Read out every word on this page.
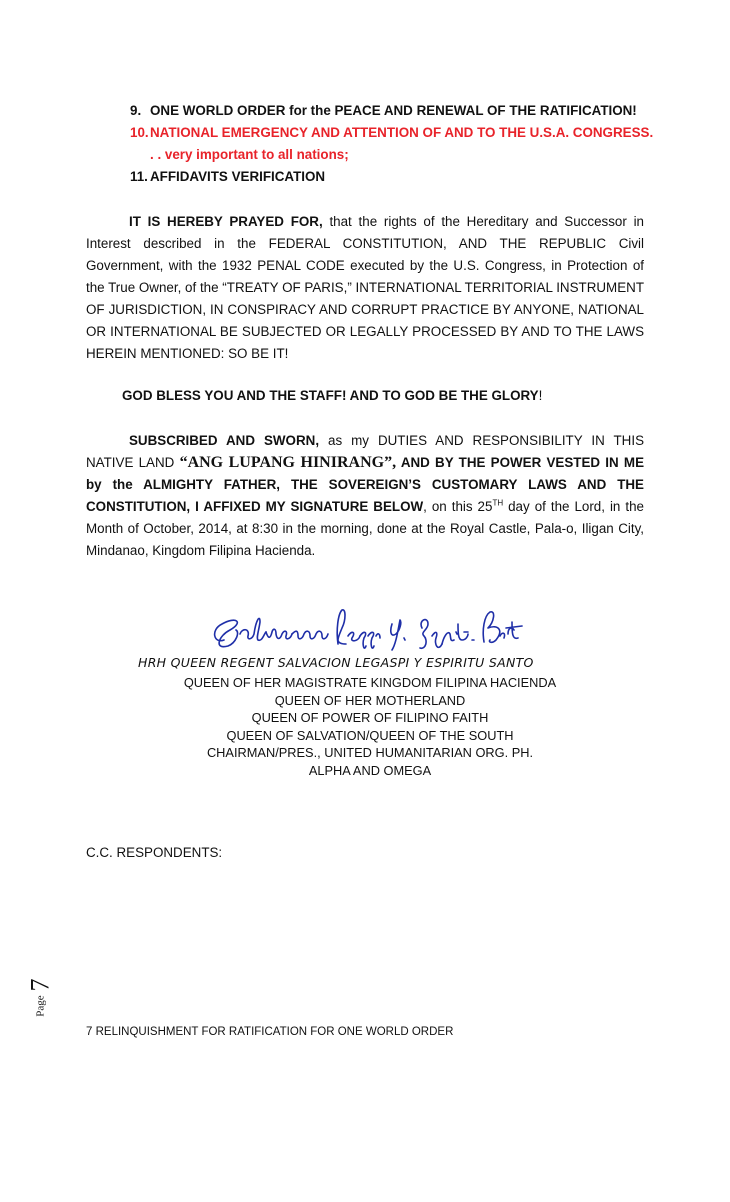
9. ONE WORLD ORDER for the PEACE AND RENEWAL OF THE RATIFICATION!
10.NATIONAL EMERGENCY AND ATTENTION OF AND TO THE U.S.A. CONGRESS.
. . very important to all nations;
11. AFFIDAVITS VERIFICATION
IT IS HEREBY PRAYED FOR, that the rights of the Hereditary and Successor in Interest described in the FEDERAL CONSTITUTION, AND THE REPUBLIC Civil Government, with the 1932 PENAL CODE executed by the U.S. Congress, in Protection of the True Owner, of the “TREATY OF PARIS,” INTERNATIONAL TERRITORIAL INSTRUMENT OF JURISDICTION, IN CONSPIRACY AND CORRUPT PRACTICE BY ANYONE, NATIONAL OR INTERNATIONAL BE SUBJECTED OR LEGALLY PROCESSED BY AND TO THE LAWS HEREIN MENTIONED: SO BE IT!
GOD BLESS YOU AND THE STAFF! AND TO GOD BE THE GLORY!
SUBSCRIBED AND SWORN, as my DUTIES AND RESPONSIBILITY IN THIS NATIVE LAND “ANG LUPANG HINIRANG”, AND BY THE POWER VESTED IN ME by the ALMIGHTY FATHER, THE SOVEREIGN’S CUSTOMARY LAWS AND THE CONSTITUTION, I AFFIXED MY SIGNATURE BELOW, on this 25TH day of the Lord, in the Month of October, 2014, at 8:30 in the morning, done at the Royal Castle, Pala-o, Iligan City, Mindanao, Kingdom Filipina Hacienda.
HRH QUEEN REGENT SALVACION LEGASPI Y ESPIRITU SANTO
QUEEN OF HER MAGISTRATE KINGDOM FILIPINA HACIENDA
QUEEN OF HER MOTHERLAND
QUEEN OF POWER OF FILIPINO FAITH
QUEEN OF SALVATION/QUEEN OF THE SOUTH
CHAIRMAN/PRES., UNITED HUMANITARIAN ORG. PH.
ALPHA AND OMEGA
C.C. RESPONDENTS:
Page
7
7 RELINQUISHMENT FOR RATIFICATION FOR ONE WORLD ORDER
